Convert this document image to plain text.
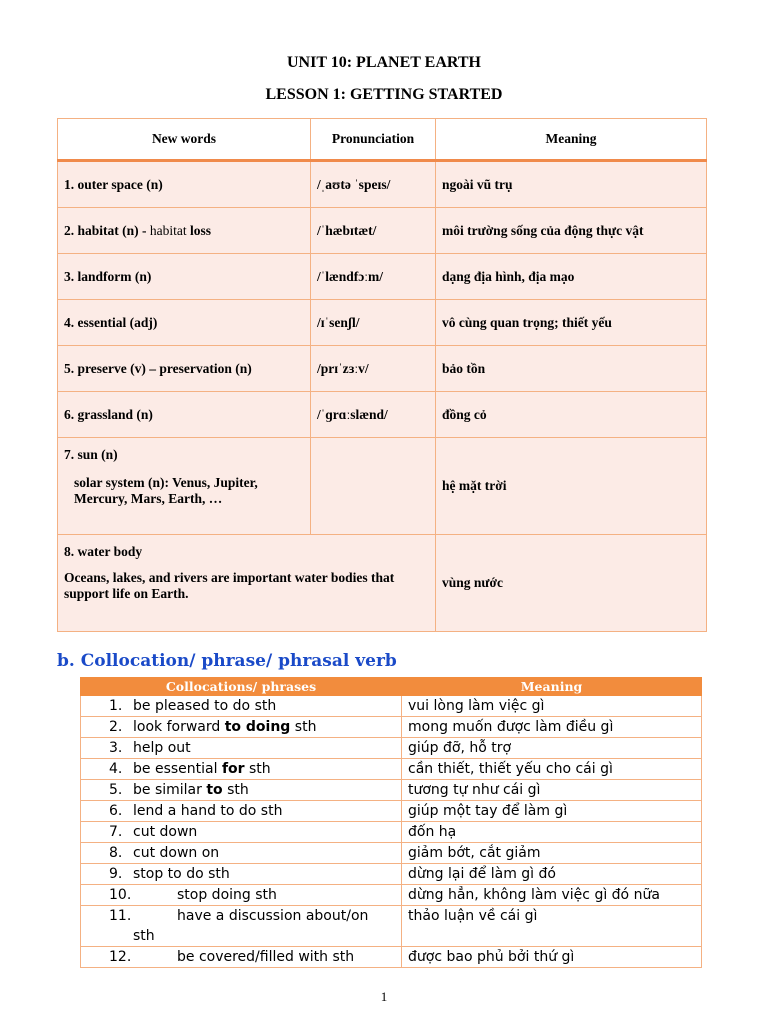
UNIT 10: PLANET EARTH
LESSON 1: GETTING STARTED
New words	Pronunciation	Meaning
1. outer space (n)	/ˌaʊtə ˈspeɪs/	ngoài vũ trụ
2. habitat (n) - habitat loss	/ˈhæbɪtæt/	môi trường sống của động thực vật
3. landform (n)	/ˈlændfɔːm/	dạng địa hình, địa mạo
4. essential (adj)	/ɪˈsenʃl/	vô cùng quan trọng; thiết yếu
5. preserve (v) – preservation (n)	/prɪˈzɜːv/	bảo tồn
6. grassland (n)	/ˈɡrɑːslænd/	đồng cỏ
7. sun (n)
solar system (n): Venus, Jupiter, Mercury, Mars, Earth, …		hệ mặt trời
8. water body
Oceans, lakes, and rivers are important water bodies that support life on Earth.		vùng nước
b. Collocation/ phrase/ phrasal verb
Collocations/ phrases	Meaning
1. be pleased to do sth	vui lòng làm việc gì
2. look forward to doing sth	mong muốn được làm điều gì
3. help out	giúp đỡ, hỗ trợ
4. be essential for sth	cần thiết, thiết yếu cho cái gì
5. be similar to sth	tương tự như cái gì
6. lend a hand to do sth	giúp một tay để làm gì
7. cut down	đốn hạ
8. cut down on	giảm bớt, cắt giảm
9. stop to do sth	dừng lại để làm gì đó
10. stop doing sth	dừng hẳn, không làm việc gì đó nữa
11. have a discussion about/on
sth	thảo luận về cái gì
12. be covered/filled with sth	được bao phủ bởi thứ gì
1
